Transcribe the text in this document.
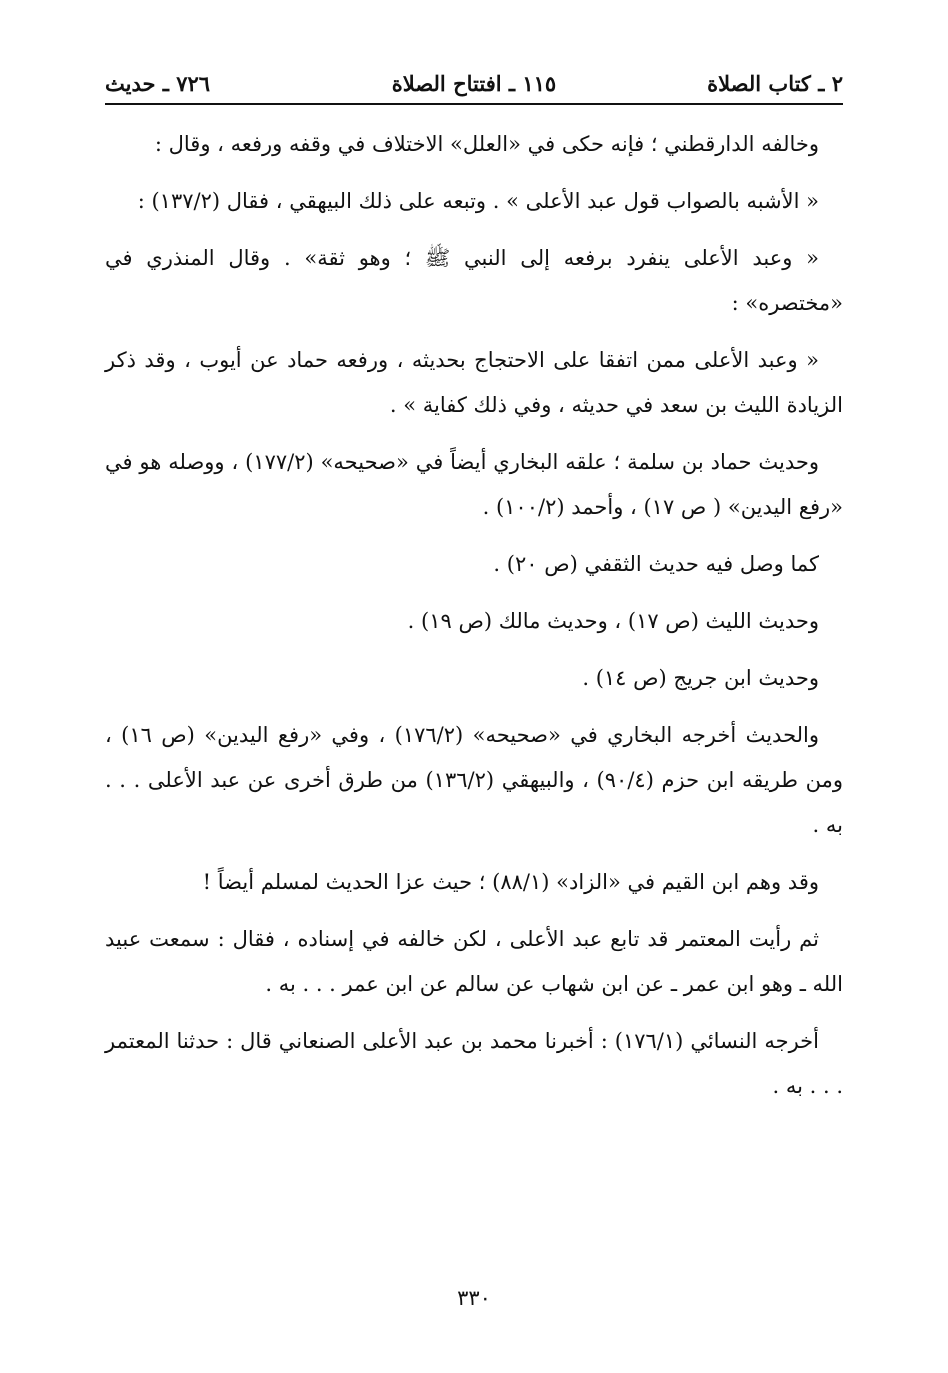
٢ ـ كتاب الصلاة
١١٥ ـ افتتاح الصلاة
٧٢٦ ـ حديث

وخالفه الدارقطني ؛ فإنه حكى في «العلل» الاختلاف في وقفه ورفعه ، وقال :

« الأشبه بالصواب قول عبد الأعلى » . وتبعه على ذلك البيهقي ، فقال (١٣٧/٢) :

« وعبد الأعلى ينفرد برفعه إلى النبي ﷺ ؛ وهو ثقة» . وقال المنذري في «مختصره» :

« وعبد الأعلى ممن اتفقا على الاحتجاج بحديثه ، ورفعه حماد عن أيوب ، وقد ذكر الزيادة الليث بن سعد في حديثه ، وفي ذلك كفاية » .

وحديث حماد بن سلمة ؛ علقه البخاري أيضاً في «صحيحه» (١٧٧/٢) ، ووصله هو في «رفع اليدين» ( ص ١٧) ، وأحمد (١٠٠/٢) .

كما وصل فيه حديث الثقفي (ص ٢٠) .

وحديث الليث (ص ١٧) ، وحديث مالك (ص ١٩) .

وحديث ابن جريج (ص ١٤) .

والحديث أخرجه البخاري في «صحيحه» (١٧٦/٢) ، وفي «رفع اليدين» (ص ١٦) ، ومن طريقه ابن حزم (٩٠/٤) ، والبيهقي (١٣٦/٢) من طرق أخرى عن عبد الأعلى . . . به .

وقد وهم ابن القيم في «الزاد» (٨٨/١) ؛ حيث عزا الحديث لمسلم أيضاً !

ثم رأيت المعتمر قد تابع عبد الأعلى ، لكن خالفه في إسناده ، فقال : سمعت عبيد الله ـ وهو ابن عمر ـ عن ابن شهاب عن سالم عن ابن عمر . . . به .

أخرجه النسائي (١٧٦/١) : أخبرنا محمد بن عبد الأعلى الصنعاني قال : حدثنا المعتمر . . . به .

٣٣٠
